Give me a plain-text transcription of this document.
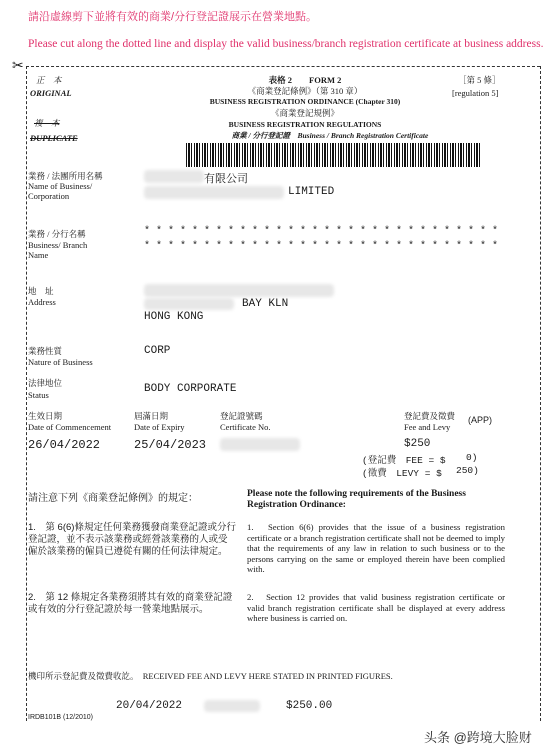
請沿虛線剪下並將有效的商業/分行登記證展示在營業地點。
Please cut along the dotted line and display the valid business/branch registration certificate at business address.
✂
正　本
ORIGINAL
複　本
DUPLICATE
表格 2　　FORM 2
《商業登記條例》（第 310 章）
BUSINESS REGISTRATION ORDINANCE (Chapter 310)
《商業登記規例》
BUSINESS REGISTRATION REGULATIONS
商業 / 分行登記證　Business / Branch Registration Certificate
［第 5 條］
[regulation 5]
業務 / 法團所用名稱
Name of Business/ Corporation
有限公司
LIMITED
業務 / 分行名稱
Business/ Branch Name
* * * * * * * * * * * * * * * * * * * * * * * * * * * * * *
* * * * * * * * * * * * * * * * * * * * * * * * * * * * * *
地　址
Address	BAY KLN
HONG KONG
業務性質
Nature of Business
CORP
法律地位
Status	BODY CORPORATE
生效日期
Date of Commencement
26/04/2022
屆滿日期
Date of Expiry
25/04/2023
登記證號碼
Certificate No.
登記費及徵費
Fee and Levy
(APP)
$250
(登記費　FEE = $ 0)
(徵費　LEVY = $ 250)
請注意下列《商業登記條例》的規定：	Please note the following requirements of the Business Registration Ordinance:
1.　第 6(6)條規定任何業務獲發商業登記證或分行登記證，並不表示該業務或經營該業務的人或受僱於該業務的僱員已遵從有關的任何法律規定。
1.　Section 6(6) provides that the issue of a business registration certificate or a branch registration certificate shall not be deemed to imply that the requirements of any law in relation to such business or to the persons carrying on the same or employed therein have been complied with.
2.　第 12 條規定各業務須將其有效的商業登記證或有效的分行登記證於每一營業地點展示。
2.　Section 12 provides that valid business registration certificate or valid branch registration certificate shall be displayed at every address where business is carried on.
機印所示登記費及徵費收訖。　RECEIVED FEE AND LEVY HERE STATED IN PRINTED FIGURES.
20/04/2022	$250.00
IRDB101B (12/2010)
头条 @跨境大脸财
